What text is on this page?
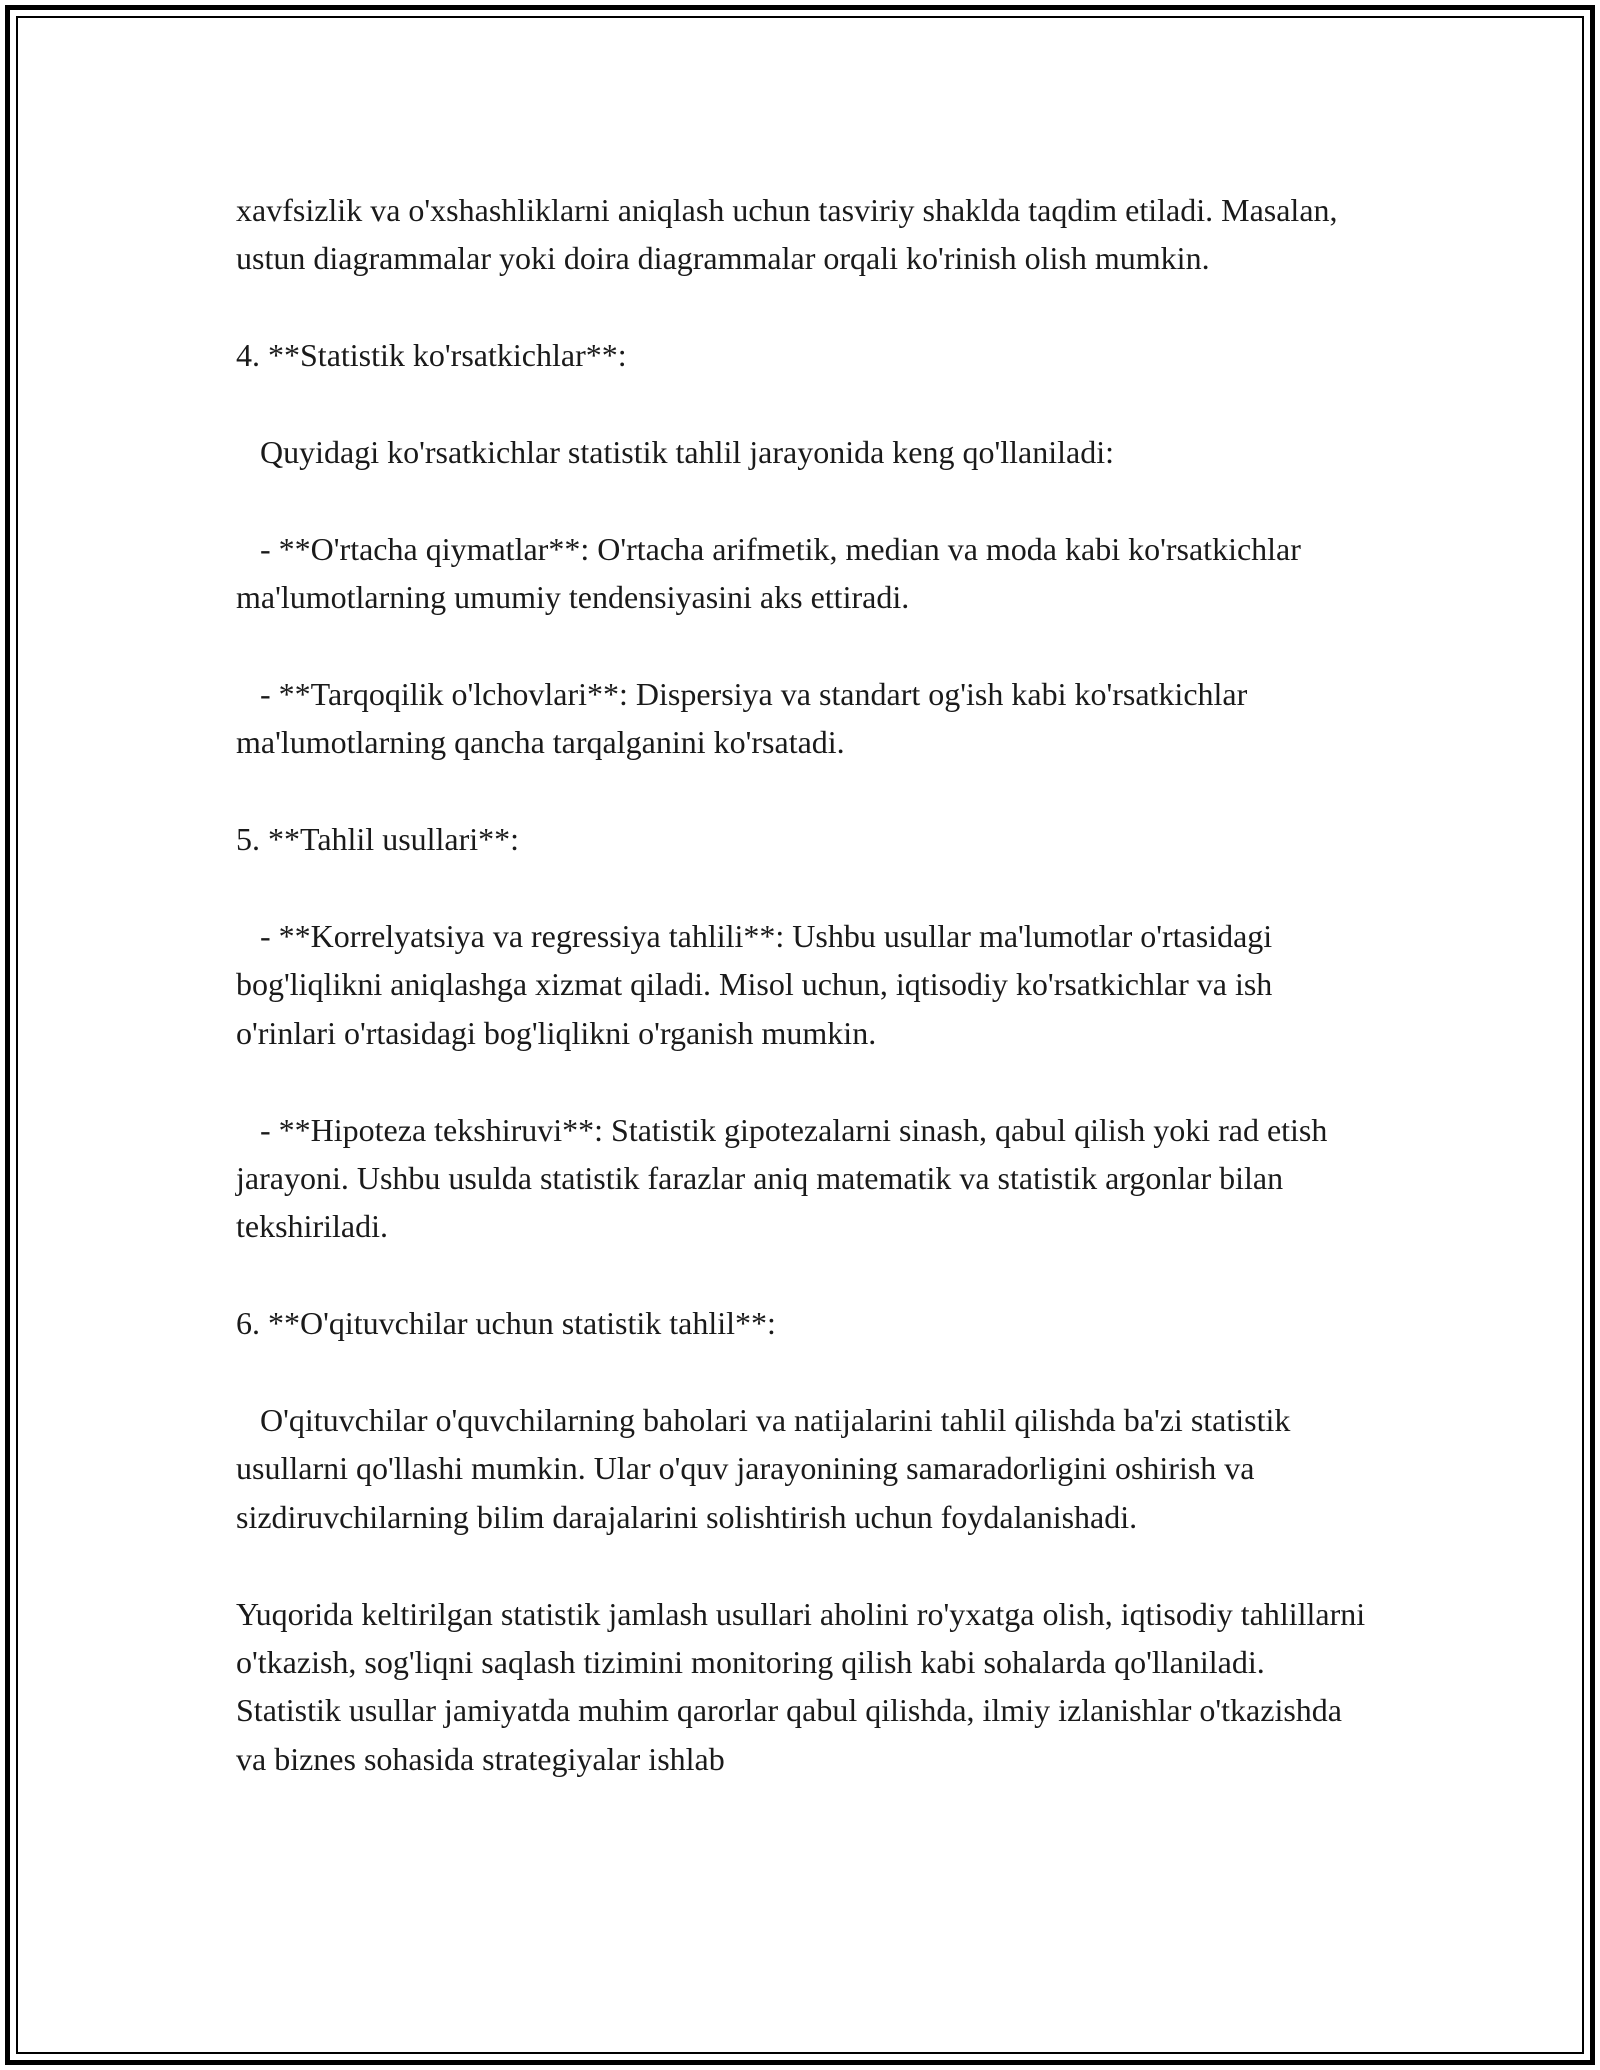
xavfsizlik va o'xshashliklarni aniqlash uchun tasviriy shaklda taqdim etiladi. Masalan, ustun diagrammalar yoki doira diagrammalar orqali ko'rinish olish mumkin.

4. **Statistik ko'rsatkichlar**:

Quyidagi ko'rsatkichlar statistik tahlil jarayonida keng qo'llaniladi:

- **O'rtacha qiymatlar**: O'rtacha arifmetik, median va moda kabi ko'rsatkichlar ma'lumotlarning umumiy tendensiyasini aks ettiradi.

- **Tarqoqilik o'lchovlari**: Dispersiya va standart og'ish kabi ko'rsatkichlar ma'lumotlarning qancha tarqalganini ko'rsatadi.

5. **Tahlil usullari**:

- **Korrelyatsiya va regressiya tahlili**: Ushbu usullar ma'lumotlar o'rtasidagi bog'liqlikni aniqlashga xizmat qiladi. Misol uchun, iqtisodiy ko'rsatkichlar va ish o'rinlari o'rtasidagi bog'liqlikni o'rganish mumkin.

- **Hipoteza tekshiruvi**: Statistik gipotezalarni sinash, qabul qilish yoki rad etish jarayoni. Ushbu usulda statistik farazlar aniq matematik va statistik argonlar bilan tekshiriladi.

6. **O'qituvchilar uchun statistik tahlil**:

O'qituvchilar o'quvchilarning baholari va natijalarini tahlil qilishda ba'zi statistik usullarni qo'llashi mumkin. Ular o'quv jarayonining samaradorligini oshirish va sizdiruvchilarning bilim darajalarini solishtirish uchun foydalanishadi.

Yuqorida keltirilgan statistik jamlash usullari aholini ro'yxatga olish, iqtisodiy tahlillarni o'tkazish, sog'liqni saqlash tizimini monitoring qilish kabi sohalarda qo'llaniladi. Statistik usullar jamiyatda muhim qarorlar qabul qilishda, ilmiy izlanishlar o'tkazishda va biznes sohasida strategiyalar ishlab
